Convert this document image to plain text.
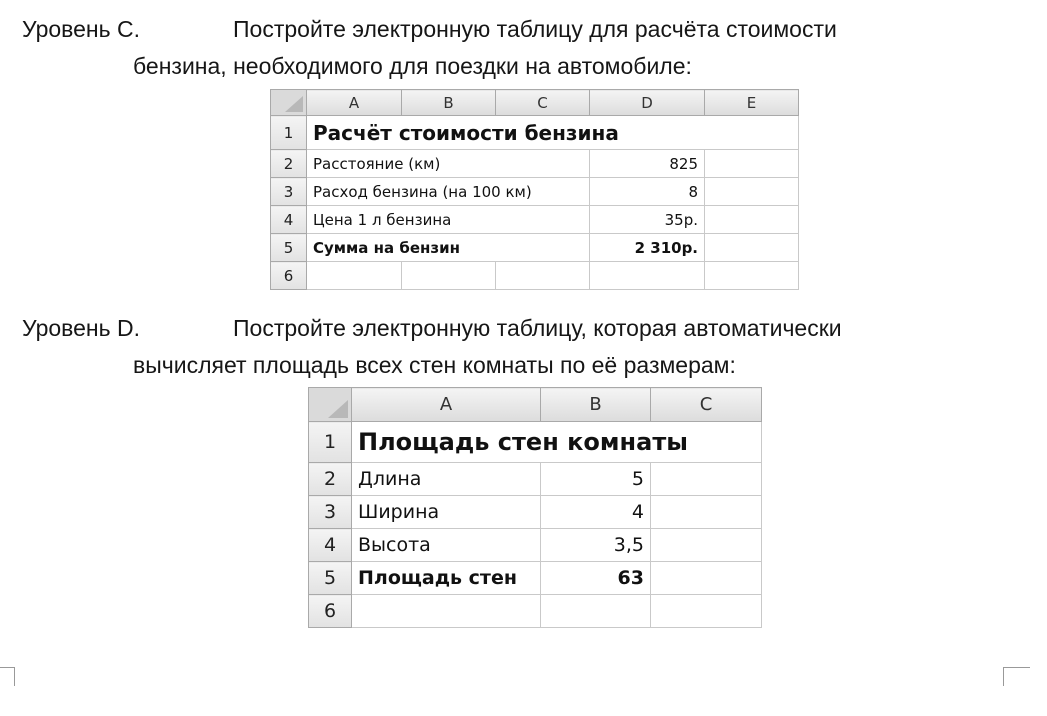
Уровень C.	Постройте электронную таблицу для расчёта стоимости
бензина, необходимого для поездки на автомобиле:
	A	B	C	D	E
1	Расчёт стоимости бензина				
2	Расстояние (км)			825	
3	Расход бензина (на 100 км)			8	
4	Цена 1 л бензина			35р.	
5	Сумма на бензин			2 310р.	
6					
Уровень D.	Постройте электронную таблицу, которая автоматически
вычисляет площадь всех стен комнаты по её размерам:
	A	B	C
1	Площадь стен комнаты		
2	Длина	5	
3	Ширина	4	
4	Высота	3,5	
5	Площадь стен	63	
6			
